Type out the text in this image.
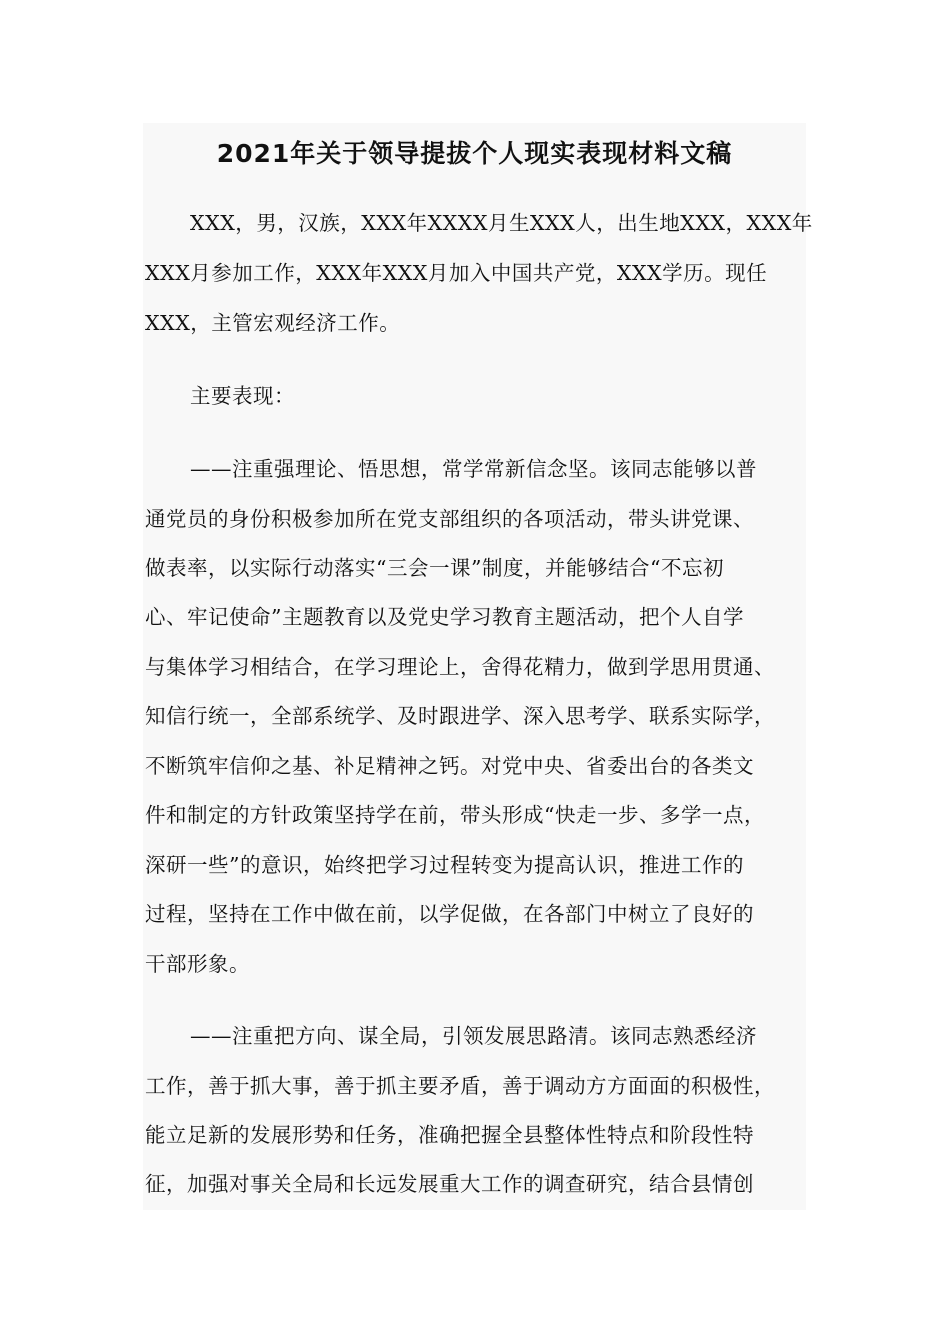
2021年关于领导提拔个人现实表现材料文稿
XXX，男，汉族，XXX年XXXX月生XXX人，出生地XXX，XXX年
XXX月参加工作，XXX年XXX月加入中国共产党，XXX学历。现任
XXX，主管宏观经济工作。
主要表现：
——注重强理论、悟思想，常学常新信念坚。该同志能够以普
通党员的身份积极参加所在党支部组织的各项活动，带头讲党课、
做表率，以实际行动落实“三会一课”制度，并能够结合“不忘初
心、牢记使命”主题教育以及党史学习教育主题活动，把个人自学
与集体学习相结合，在学习理论上，舍得花精力，做到学思用贯通、
知信行统一，全部系统学、及时跟进学、深入思考学、联系实际学，
不断筑牢信仰之基、补足精神之钙。对党中央、省委出台的各类文
件和制定的方针政策坚持学在前，带头形成“快走一步、多学一点，
深研一些”的意识，始终把学习过程转变为提高认识，推进工作的
过程，坚持在工作中做在前，以学促做，在各部门中树立了良好的
干部形象。
——注重把方向、谋全局，引领发展思路清。该同志熟悉经济
工作，善于抓大事，善于抓主要矛盾，善于调动方方面面的积极性，
能立足新的发展形势和任务，准确把握全县整体性特点和阶段性特
征，加强对事关全局和长远发展重大工作的调查研究，结合县情创
